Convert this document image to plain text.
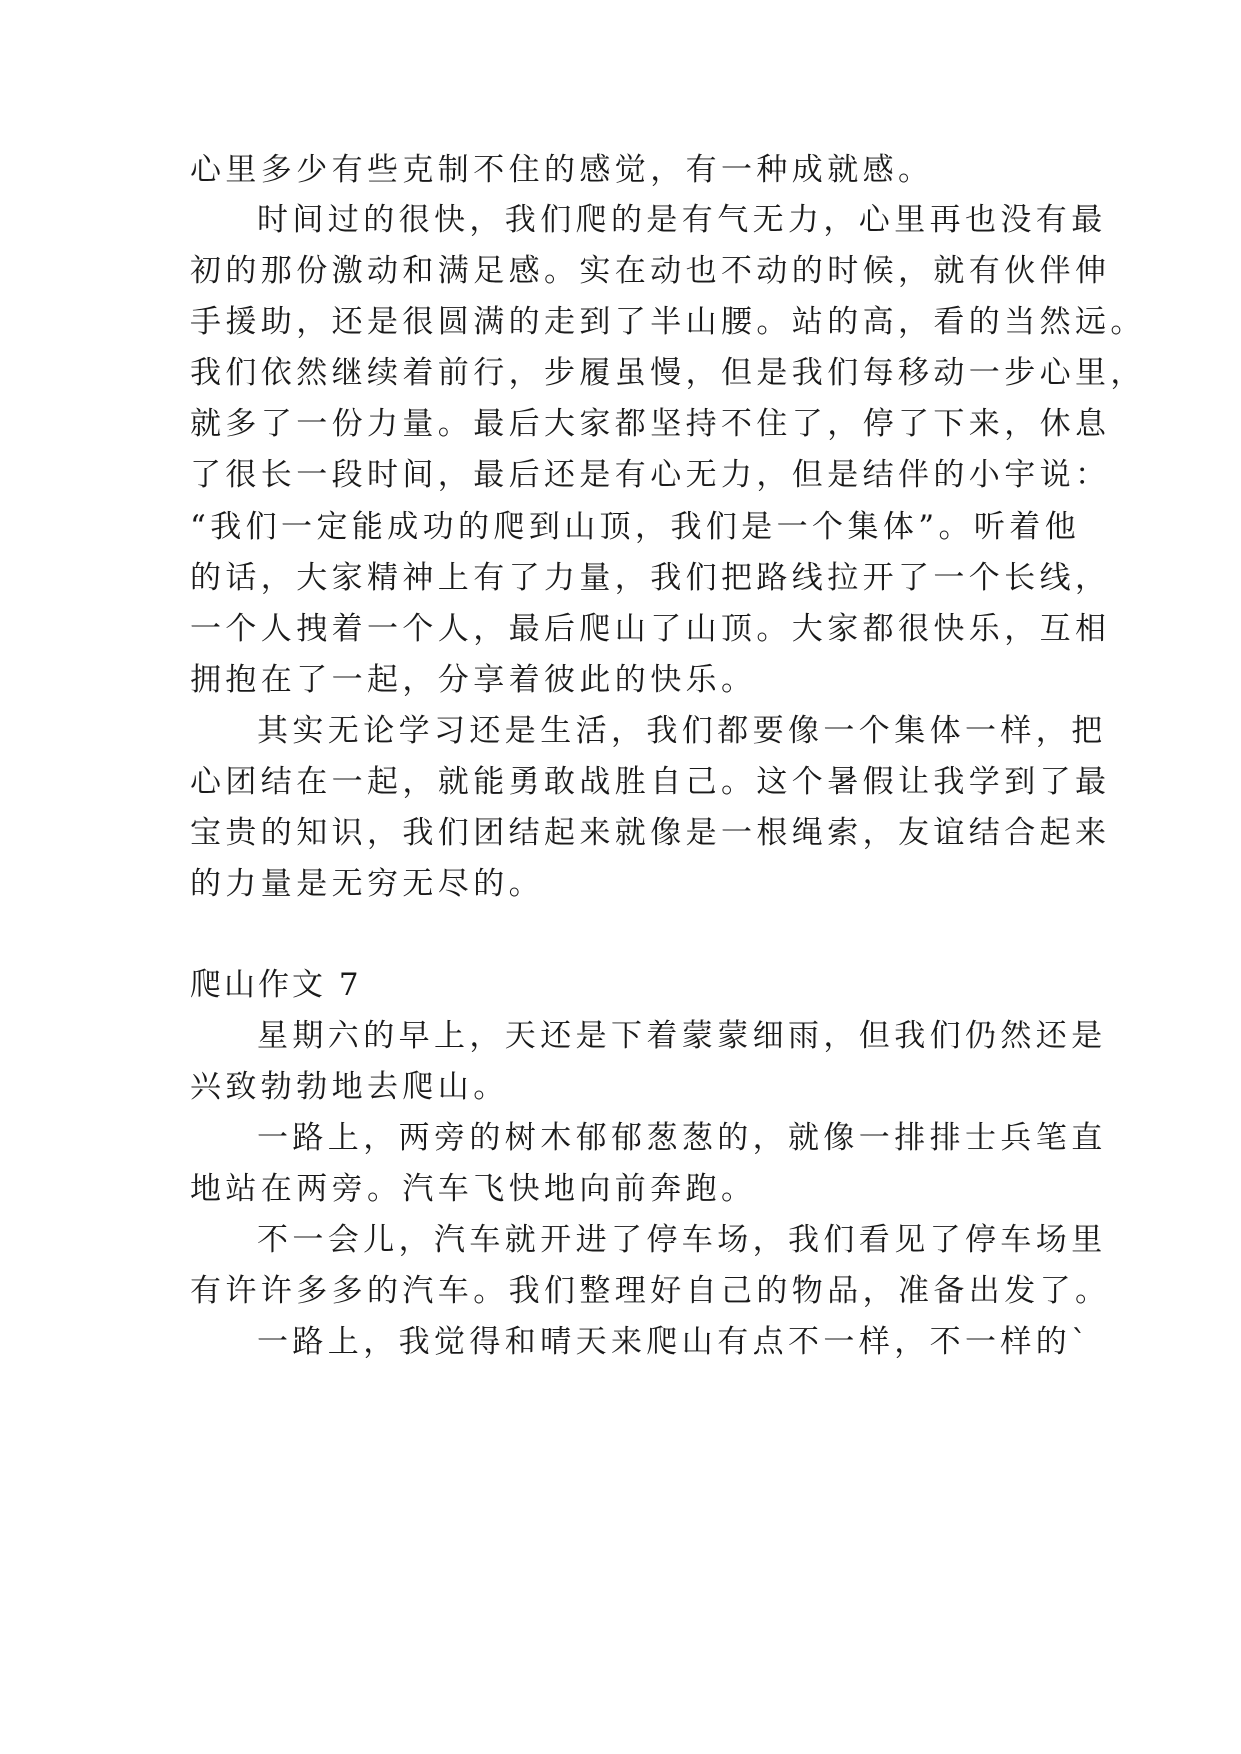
心里多少有些克制不住的感觉，有一种成就感。
时间过的很快，我们爬的是有气无力，心里再也没有最
初的那份激动和满足感。实在动也不动的时候，就有伙伴伸
手援助，还是很圆满的走到了半山腰。站的高，看的当然远。
我们依然继续着前行，步履虽慢，但是我们每移动一步心里，
就多了一份力量。最后大家都坚持不住了，停了下来，休息
了很长一段时间，最后还是有心无力，但是结伴的小宇说：
“我们一定能成功的爬到山顶，我们是一个集体”。听着他
的话，大家精神上有了力量，我们把路线拉开了一个长线，
一个人拽着一个人，最后爬山了山顶。大家都很快乐，互相
拥抱在了一起，分享着彼此的快乐。
其实无论学习还是生活，我们都要像一个集体一样，把
心团结在一起，就能勇敢战胜自己。这个暑假让我学到了最
宝贵的知识，我们团结起来就像是一根绳索，友谊结合起来
的力量是无穷无尽的。
爬山作文 7
星期六的早上，天还是下着蒙蒙细雨，但我们仍然还是
兴致勃勃地去爬山。
一路上，两旁的树木郁郁葱葱的，就像一排排士兵笔直
地站在两旁。汽车飞快地向前奔跑。
不一会儿，汽车就开进了停车场，我们看见了停车场里
有许许多多的汽车。我们整理好自己的物品，准备出发了。
一路上，我觉得和晴天来爬山有点不一样，不一样的`
